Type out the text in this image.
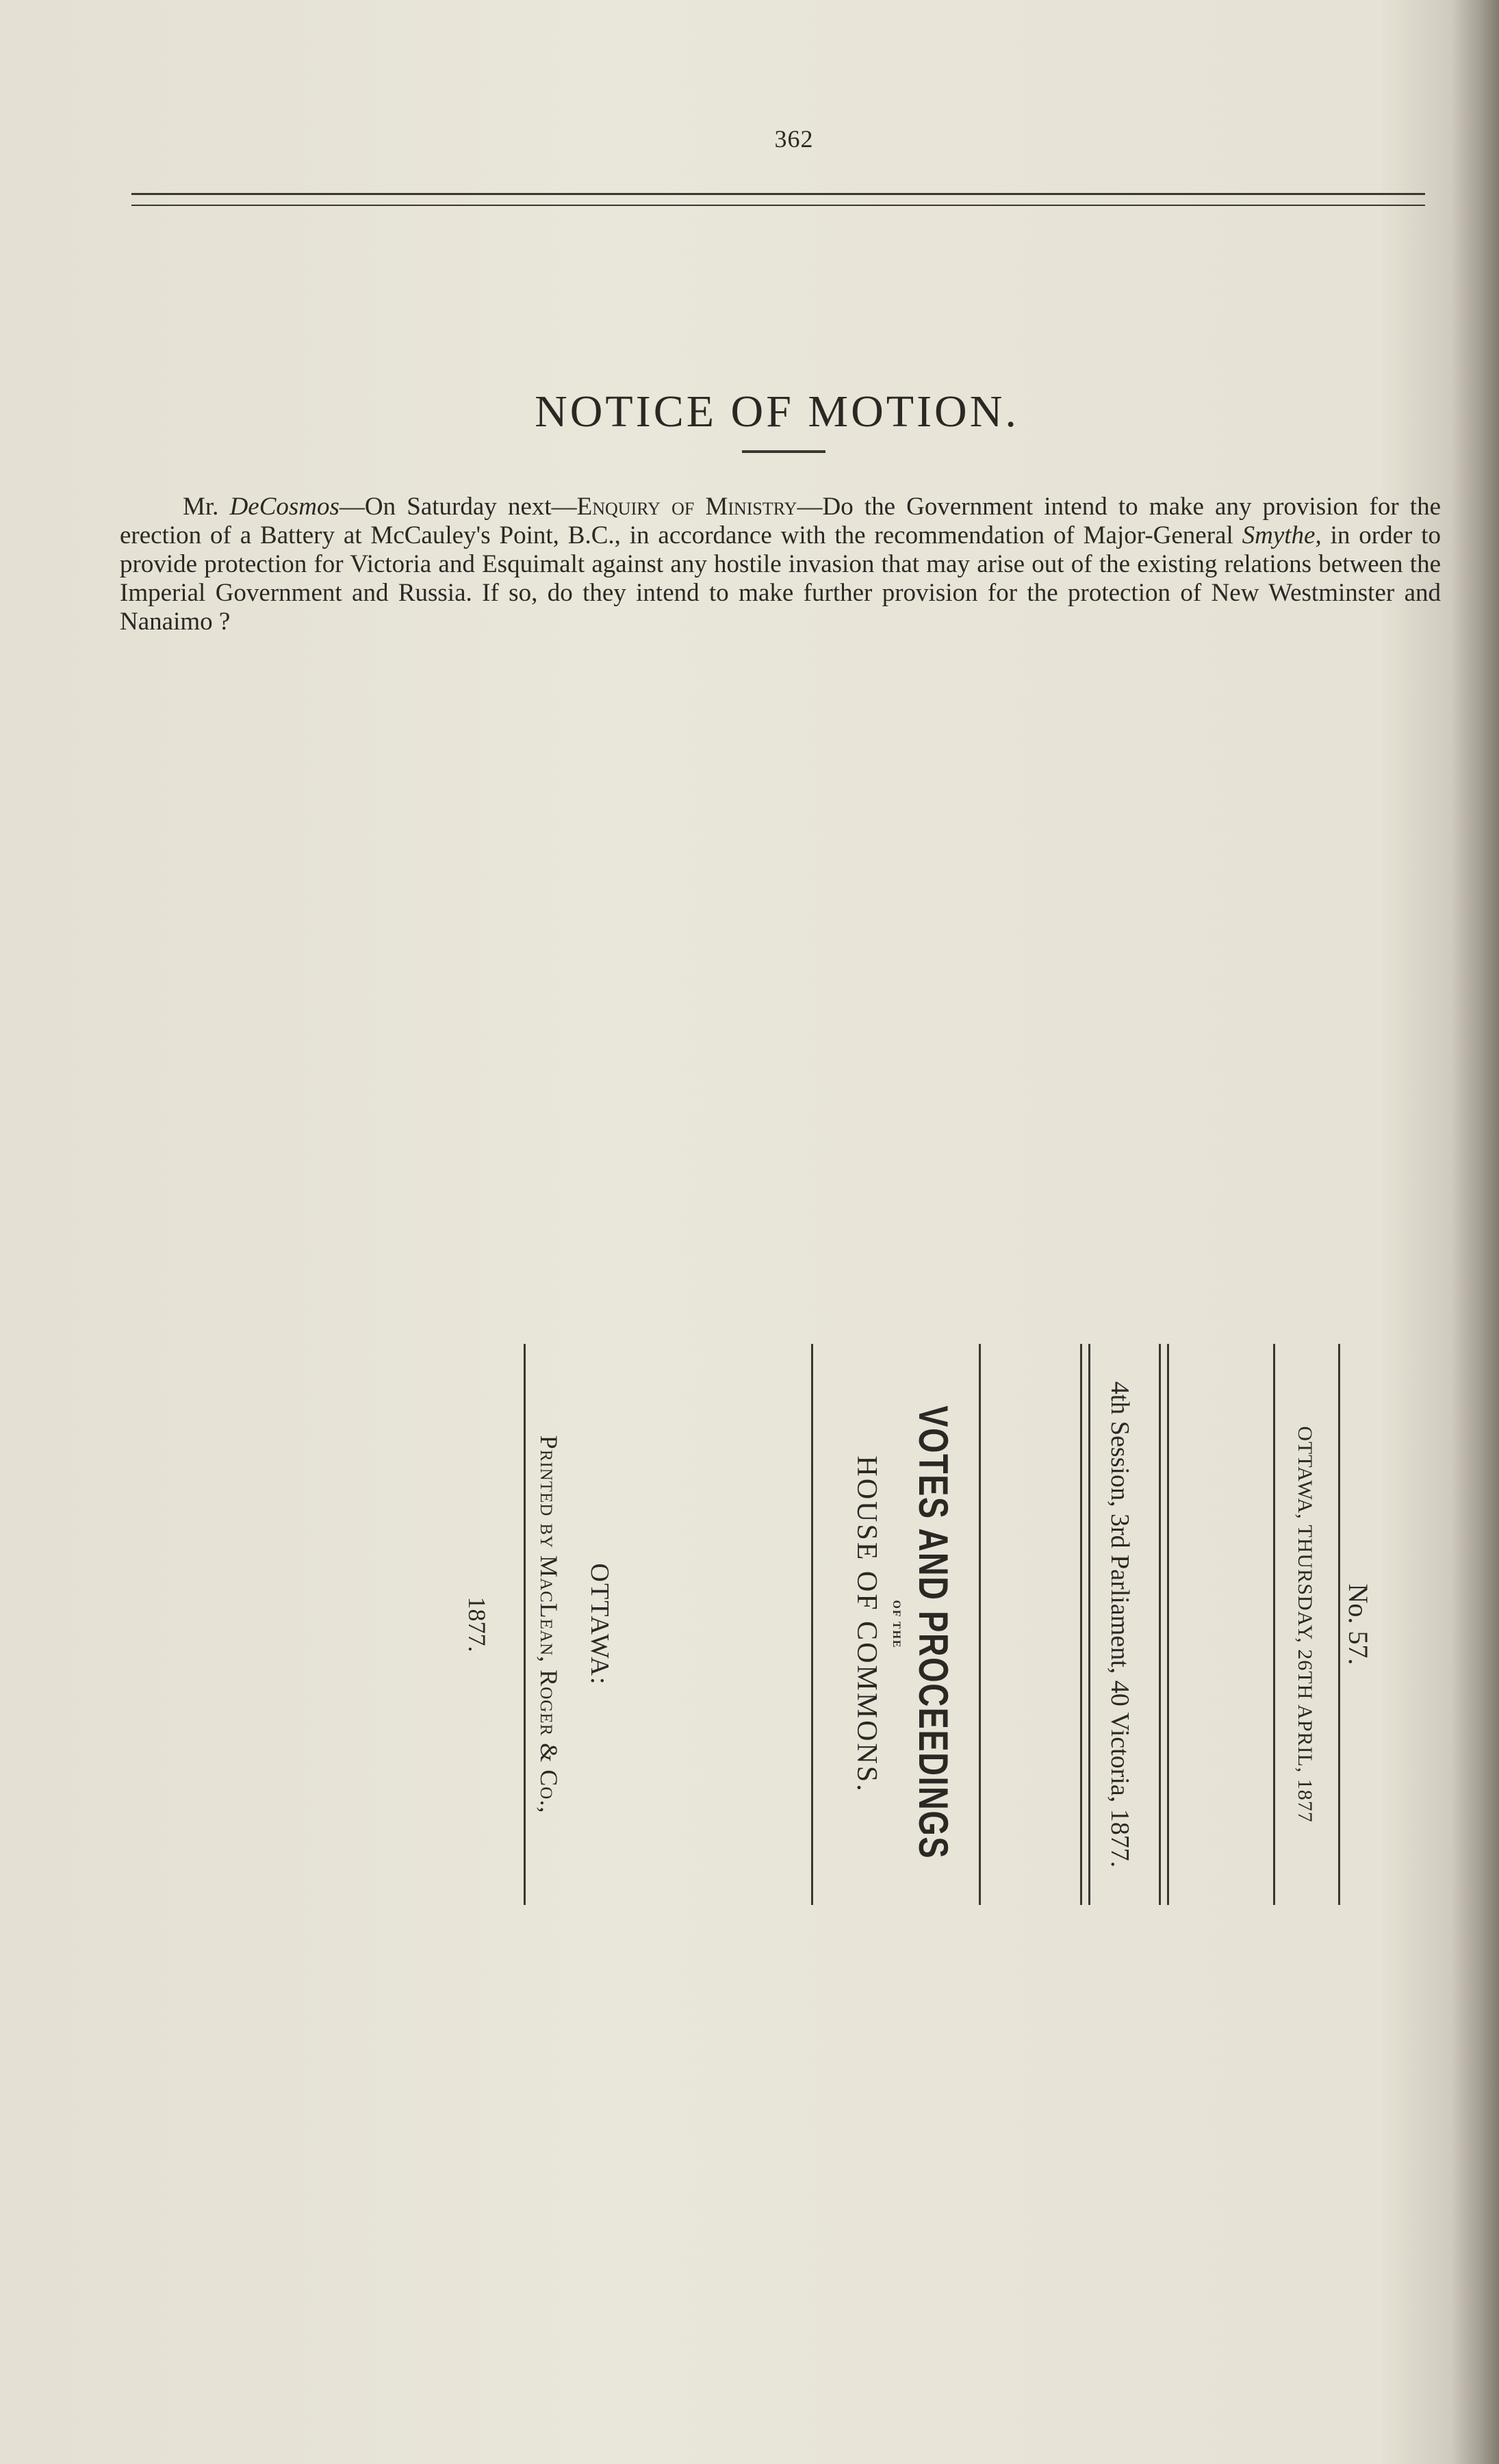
362
NOTICE OF MOTION.

Mr. DeCosmos—On Saturday next—Enquiry of Ministry—Do the Government intend to make any provision for the erection of a Battery at McCauley's Point, B.C., in accordance with the recommendation of Major-General Smythe, in order to provide protection for Victoria and Esquimalt against any hostile invasion that may arise out of the existing relations between the Imperial Government and Russia. If so, do they intend to make further provision for the protection of New Westminster and Nanaimo ?

No. 57.
OTTAWA, THURSDAY, 26TH APRIL, 1877
4th Session, 3rd Parliament, 40 Victoria, 1877.
VOTES AND PROCEEDINGS
OF THE
HOUSE OF COMMONS.
OTTAWA:
Printed by MacLean, Roger & Co.,
1877.
